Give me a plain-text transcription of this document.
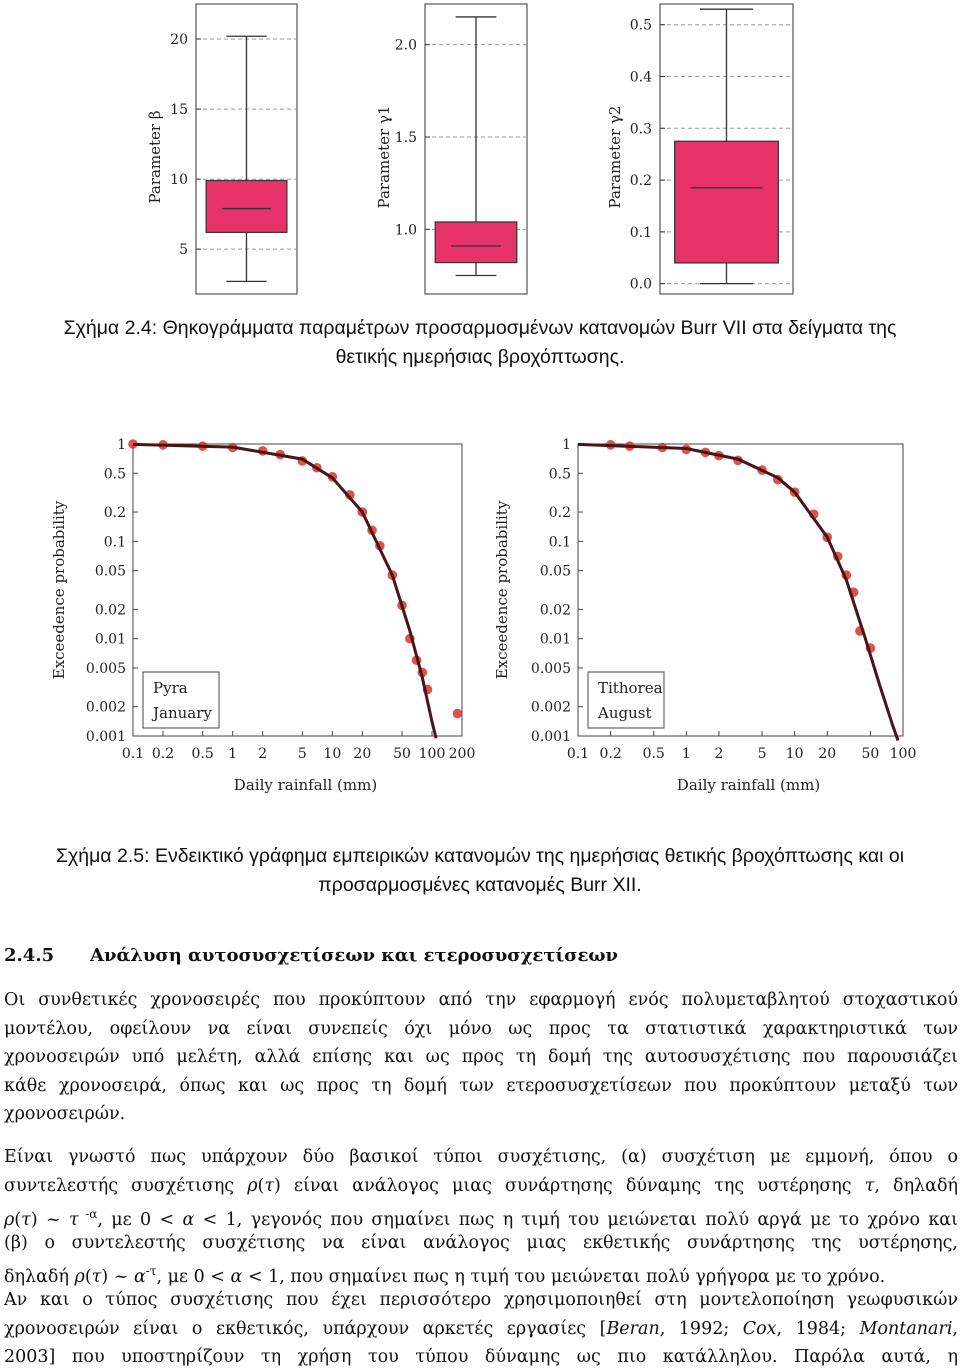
5
10
15
20
Parameter β
1.0
1.5
2.0
Parameter γ1
0.0
0.1
0.2
0.3
0.4
0.5
Parameter γ2
Σχήμα 2.4: Θηκογράμματα παραμέτρων προσαρμοσμένων κατανομών Burr VII στα δείγματα της
θετικής ημερήσιας βροχόπτωσης.
1
0.5
0.2
0.1
0.05
0.02
0.01
0.005
0.002
0.001
0.1 0.2 0.5 1 2 5 10 20 50 100 200
Exceedence probability
Daily rainfall (mm)
Pyra
January
1
0.5
0.2
0.1
0.05
0.02
0.01
0.005
0.002
0.001
0.1 0.2 0.5 1 2 5 10 20 50 100
Exceedence probability
Daily rainfall (mm)
Tithorea
August
Σχήμα 2.5: Ενδεικτικό γράφημα εμπειρικών κατανομών της ημερήσιας θετικής βροχόπτωσης και οι
προσαρμοσμένες κατανομές Burr XII.
2.4.5 Ανάλυση αυτοσυσχετίσεων και ετεροσυσχετίσεων
Οι συνθετικές χρονοσειρές που προκύπτουν από την εφαρμογή ενός πολυμεταβλητού στοχαστικού
μοντέλου, οφείλουν να είναι συνεπείς όχι μόνο ως προς τα στατιστικά χαρακτηριστικά των
χρονοσειρών υπό μελέτη, αλλά επίσης και ως προς τη δομή της αυτοσυσχέτισης που παρουσιάζει
κάθε χρονοσειρά, όπως και ως προς τη δομή των ετεροσυσχετίσεων που προκύπτουν μεταξύ των
χρονοσειρών.
Είναι γνωστό πως υπάρχουν δύο βασικοί τύποι συσχέτισης, (α) συσχέτιση με εμμονή, όπου ο
συντελεστής συσχέτισης ρ(τ) είναι ανάλογος μιας συνάρτησης δύναμης της υστέρησης τ, δηλαδή
ρ(τ) ~ τ $^{-\alpha}$, με 0 < α < 1, γεγονός που σημαίνει πως η τιμή του μειώνεται πολύ αργά με το χρόνο και
(β) ο συντελεστής συσχέτισης να είναι ανάλογος μιας εκθετικής συνάρτησης της υστέρησης,
δηλαδή ρ(τ) ~ $\alpha^{-\tau}$, με 0 < α < 1, που σημαίνει πως η τιμή του μειώνεται πολύ γρήγορα με το χρόνο.
Αν και ο τύπος συσχέτισης που έχει περισσότερο χρησιμοποιηθεί στη μοντελοποίηση γεωφυσικών
χρονοσειρών είναι ο εκθετικός, υπάρχουν αρκετές εργασίες [Beran, 1992; Cox, 1984; Montanari,
2003] που υποστηρίζουν τη χρήση του τύπου δύναμης ως πιο κατάλληλου. Παρόλα αυτά, η
